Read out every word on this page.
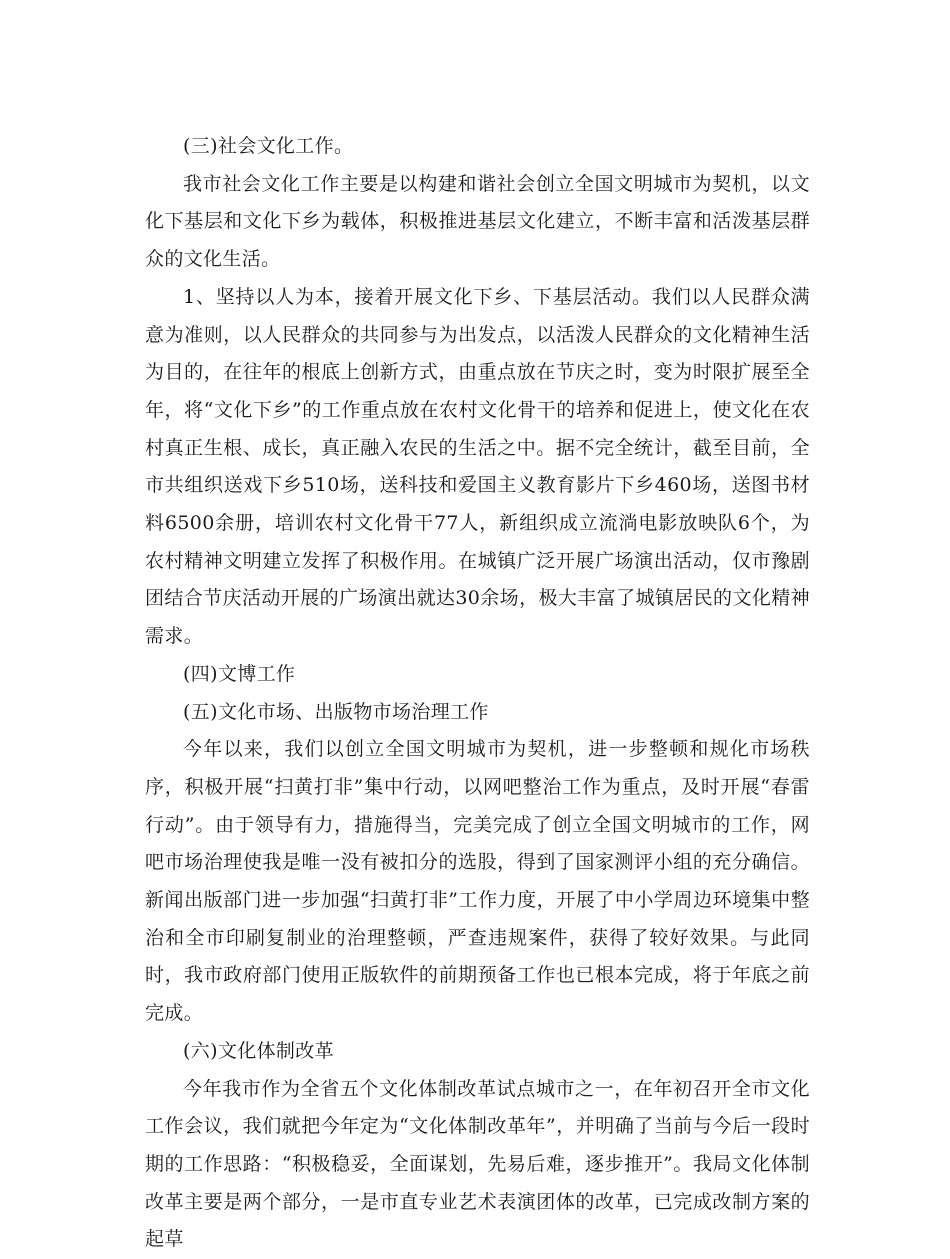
(三)社会文化工作。

我市社会文化工作主要是以构建和谐社会创立全国文明城市为契机，以文化下基层和文化下乡为载体，积极推进基层文化建立，不断丰富和活泼基层群众的文化生活。

1、坚持以人为本，接着开展文化下乡、下基层活动。我们以人民群众满意为准则，以人民群众的共同参与为出发点，以活泼人民群众的文化精神生活为目的，在往年的根底上创新方式，由重点放在节庆之时，变为时限扩展至全年，将“文化下乡”的工作重点放在农村文化骨干的培养和促进上，使文化在农村真正生根、成长，真正融入农民的生活之中。据不完全统计，截至目前，全市共组织送戏下乡510场，送科技和爱国主义教育影片下乡460场，送图书材料6500余册，培训农村文化骨干77人，新组织成立流淌电影放映队6个，为农村精神文明建立发挥了积极作用。在城镇广泛开展广场演出活动，仅市豫剧团结合节庆活动开展的广场演出就达30余场，极大丰富了城镇居民的文化精神需求。

(四)文博工作

(五)文化市场、出版物市场治理工作

今年以来，我们以创立全国文明城市为契机，进一步整顿和规化市场秩序，积极开展“扫黄打非”集中行动，以网吧整治工作为重点，及时开展“春雷行动”。由于领导有力，措施得当，完美完成了创立全国文明城市的工作，网吧市场治理使我是唯一没有被扣分的选股，得到了国家测评小组的充分确信。新闻出版部门进一步加强“扫黄打非”工作力度，开展了中小学周边环境集中整治和全市印刷复制业的治理整顿，严查违规案件，获得了较好效果。与此同时，我市政府部门使用正版软件的前期预备工作也已根本完成，将于年底之前完成。

(六)文化体制改革

今年我市作为全省五个文化体制改革试点城市之一，在年初召开全市文化工作会议，我们就把今年定为“文化体制改革年”，并明确了当前与今后一段时期的工作思路：“积极稳妥，全面谋划，先易后难，逐步推开”。我局文化体制改革主要是两个部分，一是市直专业艺术表演团体的改革，已完成改制方案的起草
